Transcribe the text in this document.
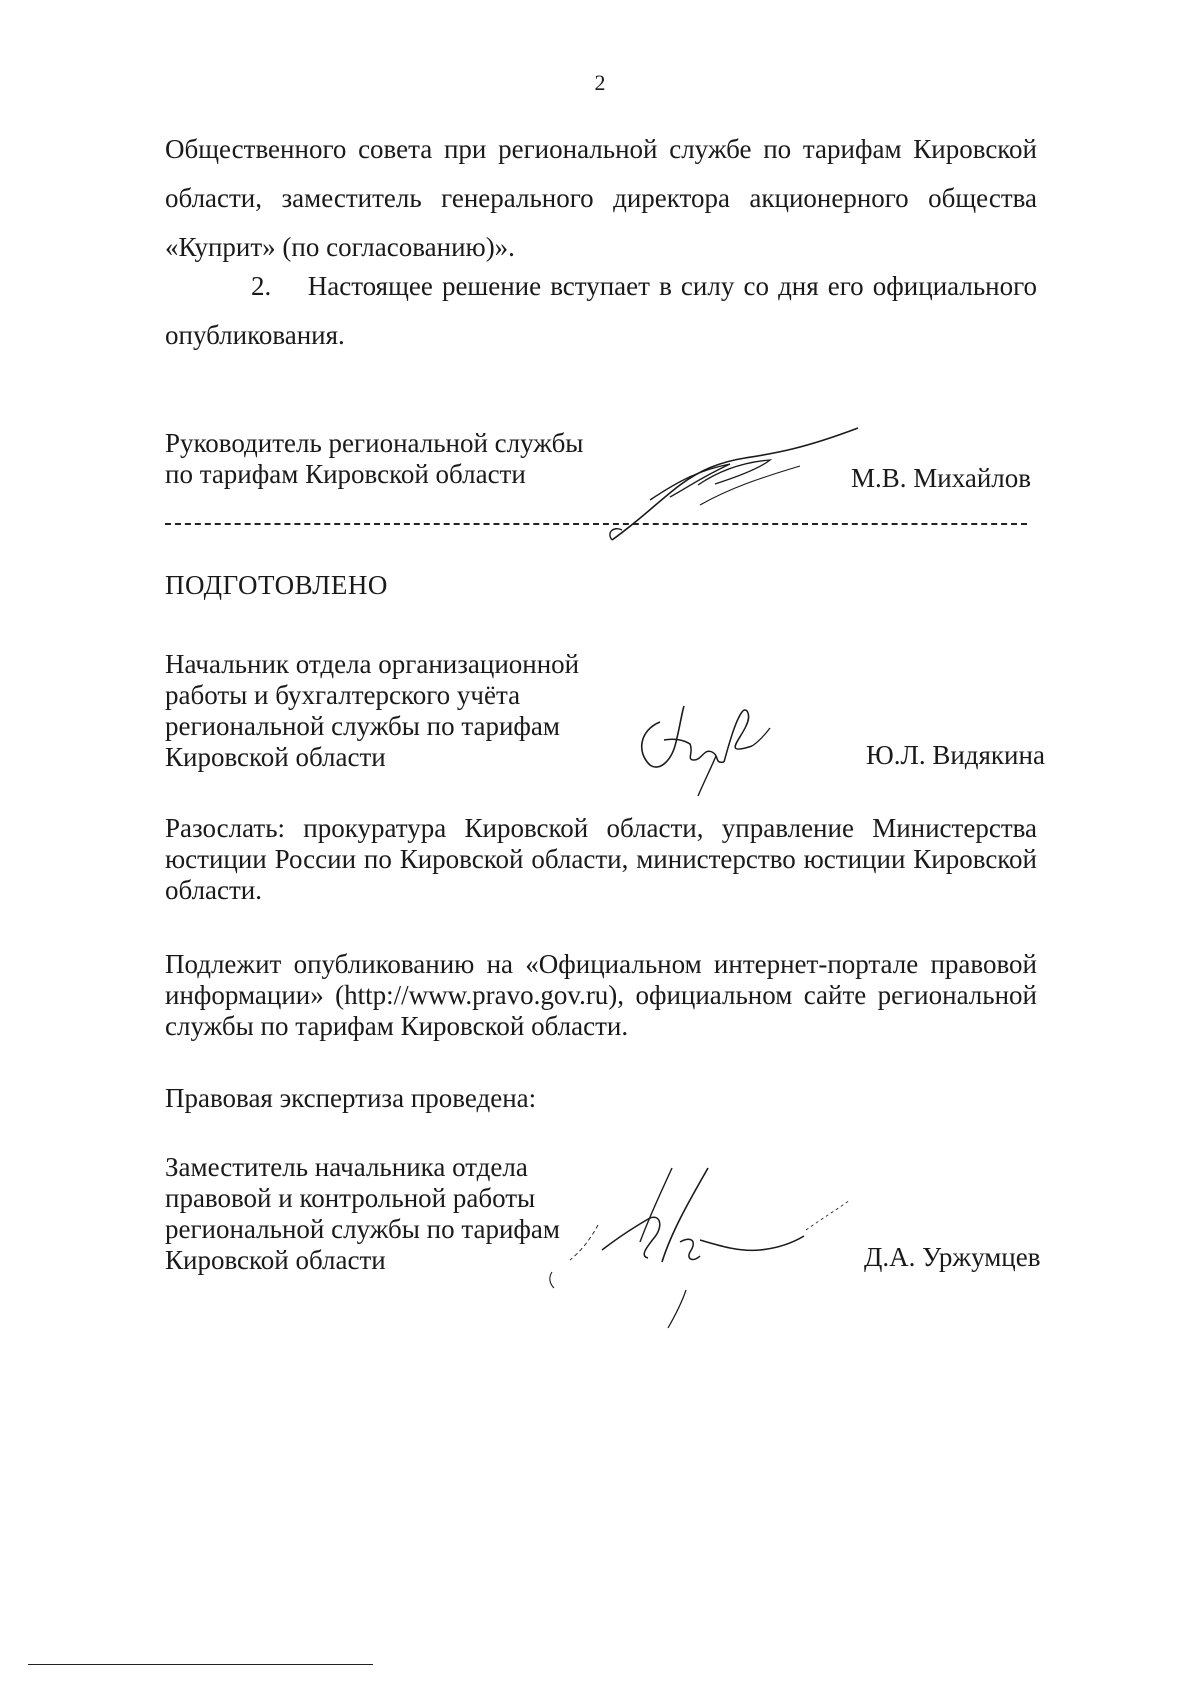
2
Общественного совета при региональной службе по тарифам Кировской области, заместитель генерального директора акционерного общества «Куприт» (по согласованию)».
2. Настоящее решение вступает в силу со дня его официального опубликования.
Руководитель региональной службы
по тарифам Кировской области	М.В. Михайлов
ПОДГОТОВЛЕНО
Начальник отдела организационной
работы и бухгалтерского учёта
региональной службы по тарифам
Кировской области	Ю.Л. Видякина
Разослать: прокуратура Кировской области, управление Министерства юстиции России по Кировской области, министерство юстиции Кировской области.
Подлежит опубликованию на «Официальном интернет-портале правовой информации» (http://www.pravo.gov.ru), официальном сайте региональной службы по тарифам Кировской области.
Правовая экспертиза проведена:
Заместитель начальника отдела
правовой и контрольной работы
региональной службы по тарифам
Кировской области	Д.А. Уржумцев
